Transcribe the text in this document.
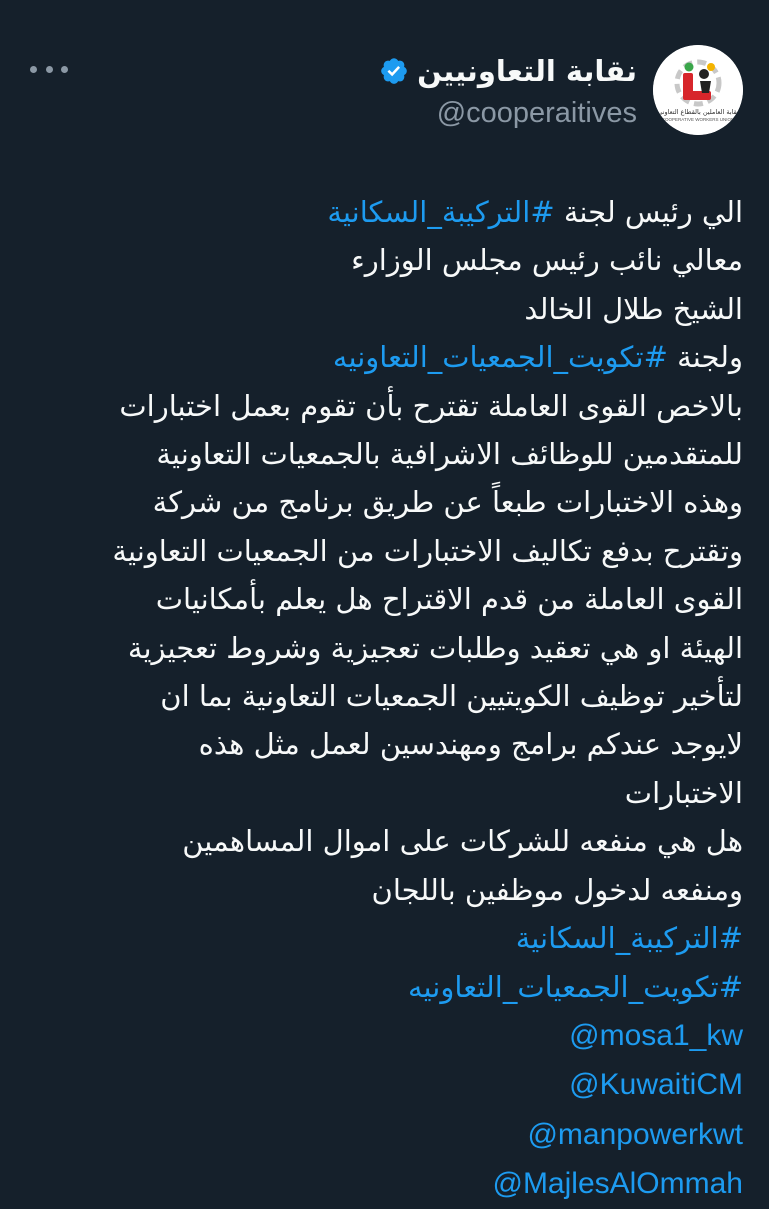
نقابة العاملين بالقطاع التعاوني
COOPERATIVE WORKERS UNION
نقابة التعاونيين
@cooperaitives
الي رئيس لجنة #التركيبة_السكانية
معالي نائب رئيس مجلس الوزارء
الشيخ طلال الخالد
ولجنة #تكويت_الجمعيات_التعاونيه
بالاخص القوى العاملة تقترح بأن تقوم بعمل اختبارات
للمتقدمين للوظائف الاشرافية بالجمعيات التعاونية
وهذه الاختبارات طبعاً عن طريق برنامج من شركة
وتقترح بدفع تكاليف الاختبارات من الجمعيات التعاونية
القوى العاملة من قدم الاقتراح هل يعلم بأمكانيات
الهيئة او هي تعقيد وطلبات تعجيزية وشروط تعجيزية
لتأخير توظيف الكويتيين الجمعيات التعاونية بما ان
لايوجد عندكم برامج ومهندسين لعمل مثل هذه
الاختبارات
هل هي منفعه للشركات على اموال المساهمين
ومنفعه لدخول موظفين باللجان
#التركيبة_السكانية
#تكويت_الجمعيات_التعاونيه
@mosa1_kw
@KuwaitiCM
@manpowerkwt
@MajlesAlOmmah
